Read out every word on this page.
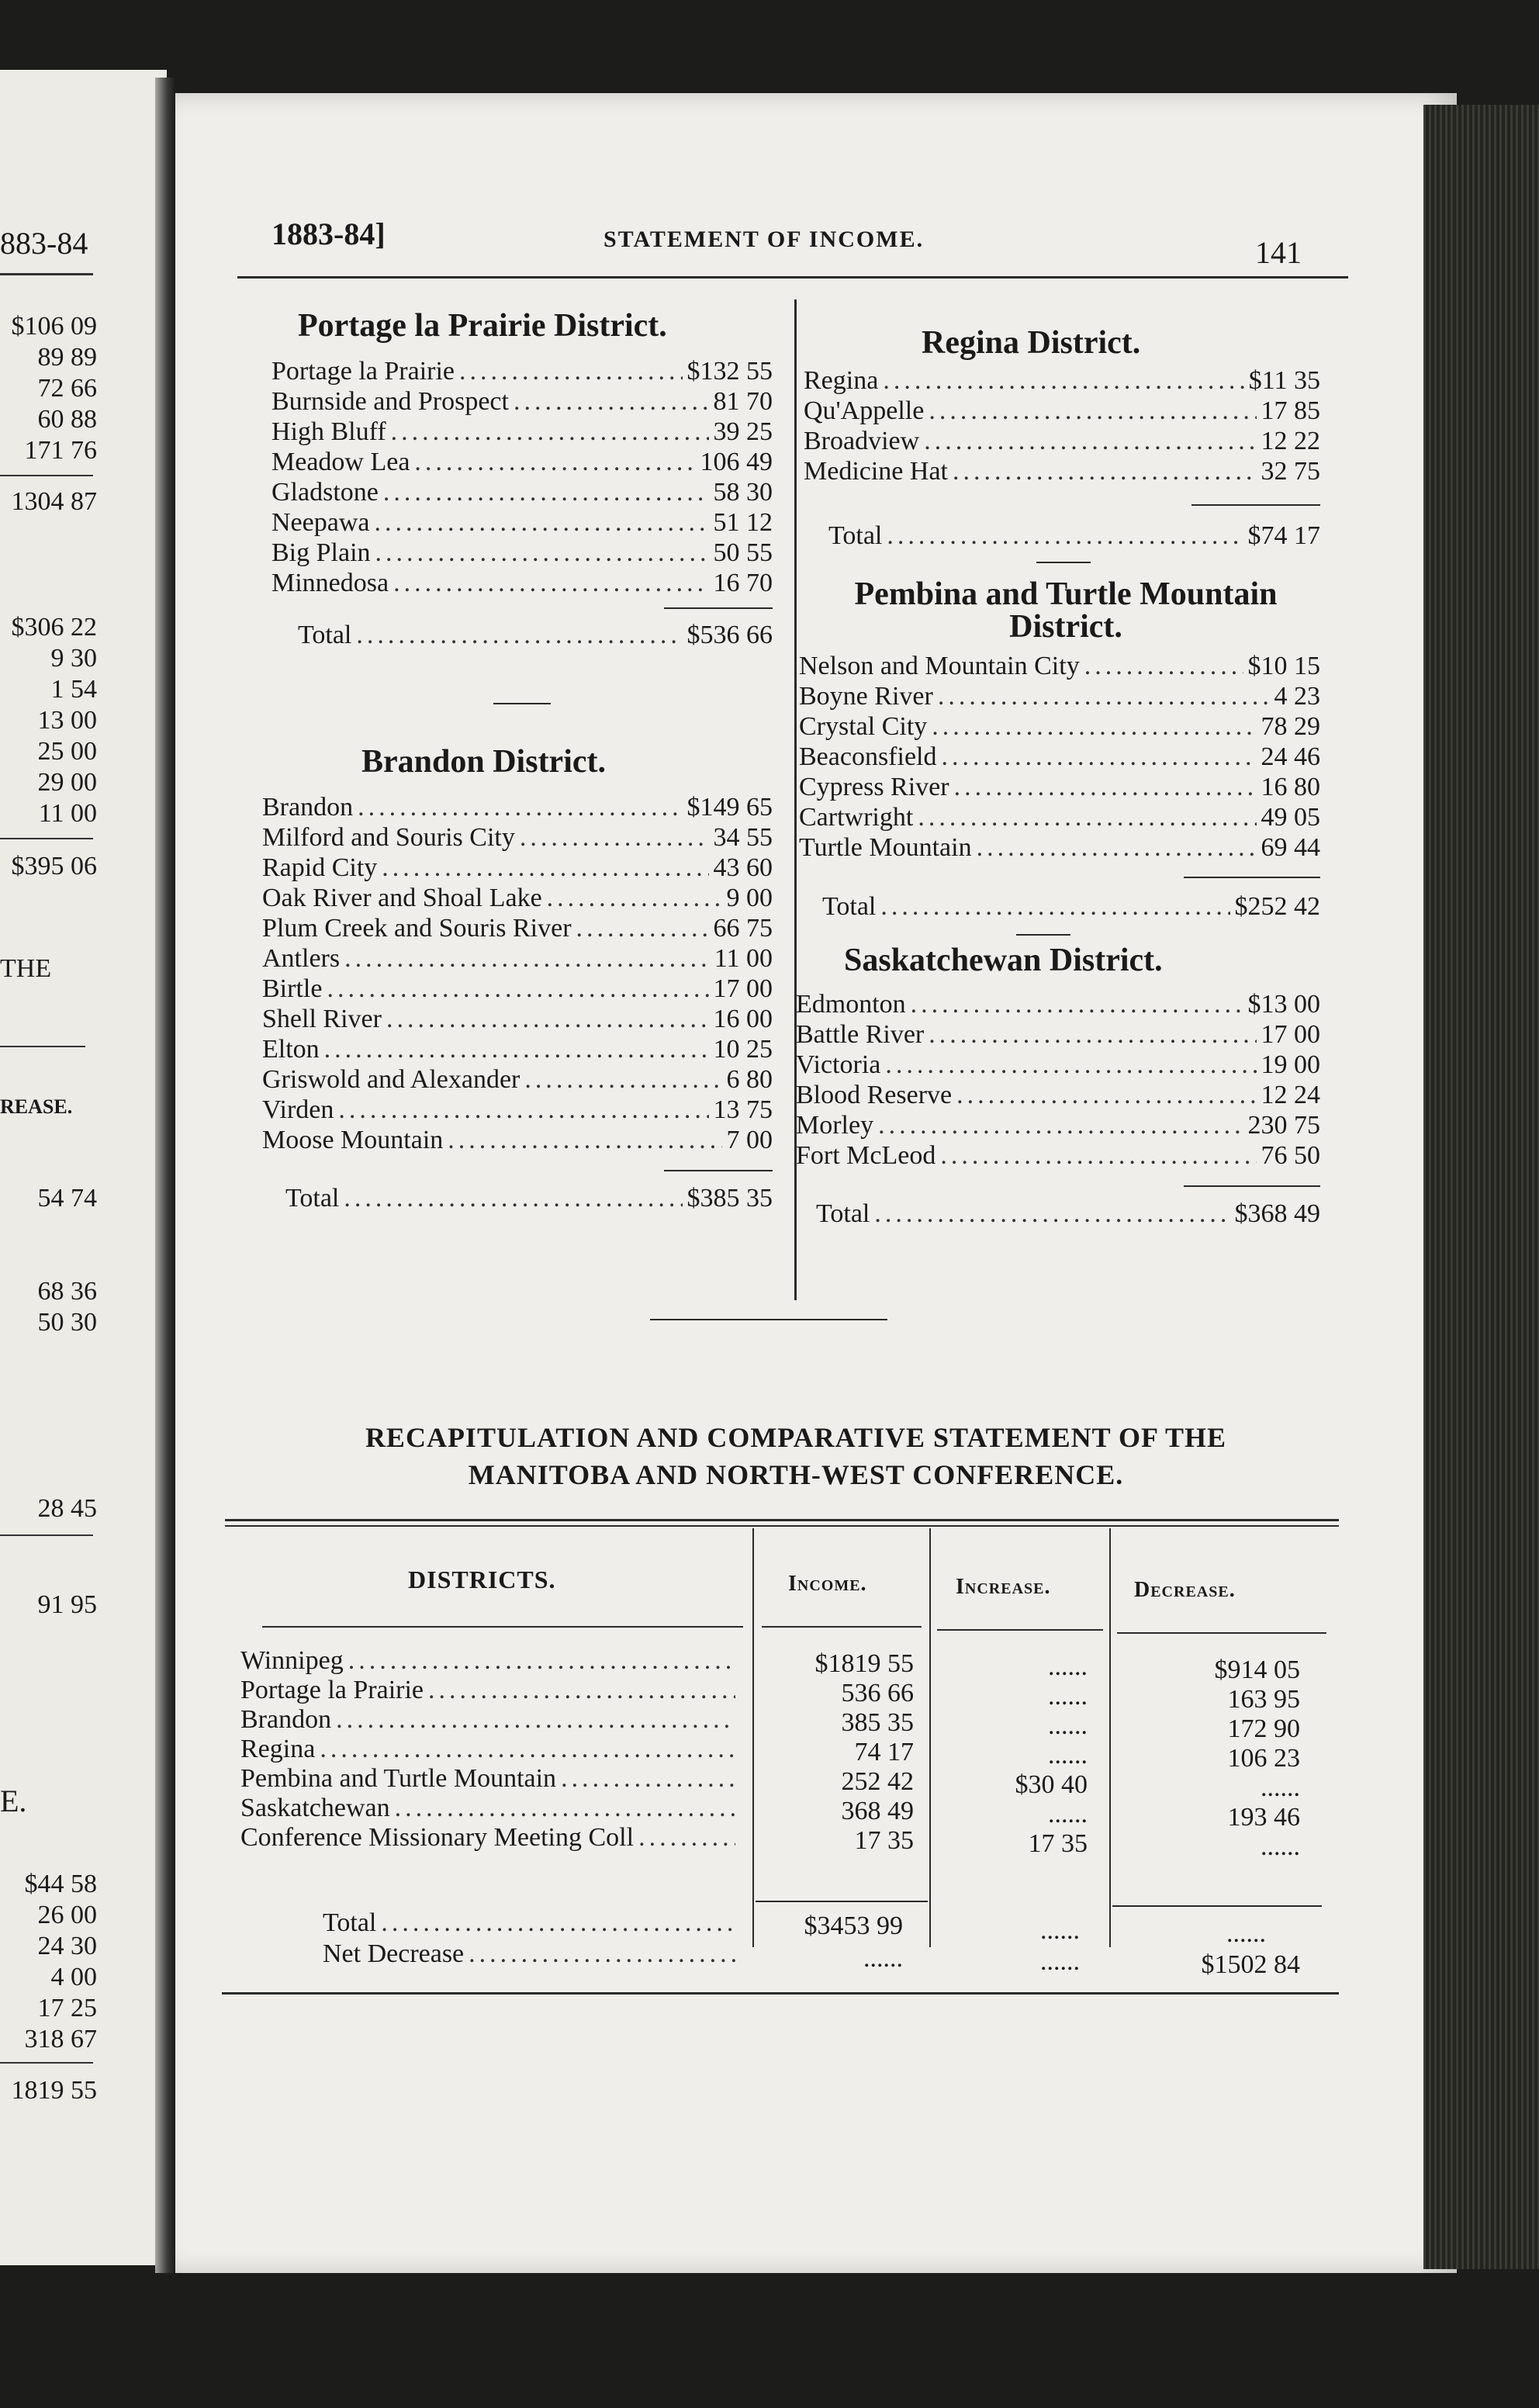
883-84
$106 09
89 89
72 66
60 88
171 76
1304 87
$306 22
9 30
1 54
13 00
25 00
29 00
11 00
$395 06
THE
REASE.
54 74
68 36
50 30
28 45
91 95
E.
$44 58
26 00
24 30
4 00
17 25
318 67
1819 55
1883-84]	STATEMENT OF INCOME.	141
Portage la Prairie District.
Portage la Prairie .....	$132 55
Burnside and Prospect .....	81 70
High Bluff .....	39 25
Meadow Lea .....	106 49
Gladstone .....	58 30
Neepawa .....	51 12
Big Plain .....	50 55
Minnedosa .....	16 70
Total .....	$536 66
Brandon District.
Brandon .....	$149 65
Milford and Souris City .....	34 55
Rapid City .....	43 60
Oak River and Shoal Lake .....	9 00
Plum Creek and Souris River .....	66 75
Antlers .....	11 00
Birtle .....	17 00
Shell River .....	16 00
Elton .....	10 25
Griswold and Alexander .....	6 80
Virden .....	13 75
Moose Mountain .....	7 00
Total .....	$385 35
Regina District.
Regina .....	$11 35
Qu'Appelle .....	17 85
Broadview .....	12 22
Medicine Hat .....	32 75
Total .....	$74 17
Pembina and Turtle Mountain
District.
Nelson and Mountain City .....	$10 15
Boyne River .....	4 23
Crystal City .....	78 29
Beaconsfield .....	24 46
Cypress River .....	16 80
Cartwright .....	49 05
Turtle Mountain .....	69 44
Total .....	$252 42
Saskatchewan District.
Edmonton .....	$13 00
Battle River .....	17 00
Victoria .....	19 00
Blood Reserve .....	12 24
Morley .....	230 75
Fort McLeod .....	76 50
Total .....	$368 49
RECAPITULATION AND COMPARATIVE STATEMENT OF THE
MANITOBA AND NORTH-WEST CONFERENCE.
DISTRICTS.	Income.	Increase.	Decrease.
Winnipeg .....	$1819 55	......	$914 05
Portage la Prairie .....	536 66	......	163 95
Brandon .....	385 35	......	172 90
Regina .....	74 17	......	106 23
Pembina and Turtle Mountain .....	252 42	$30 40	......
Saskatchewan .....	368 49	......	193 46
Conference Missionary Meeting Coll .....	17 35	17 35	......
Total .....	$3453 99	......	......
Net Decrease .....	......	......	$1502 84
